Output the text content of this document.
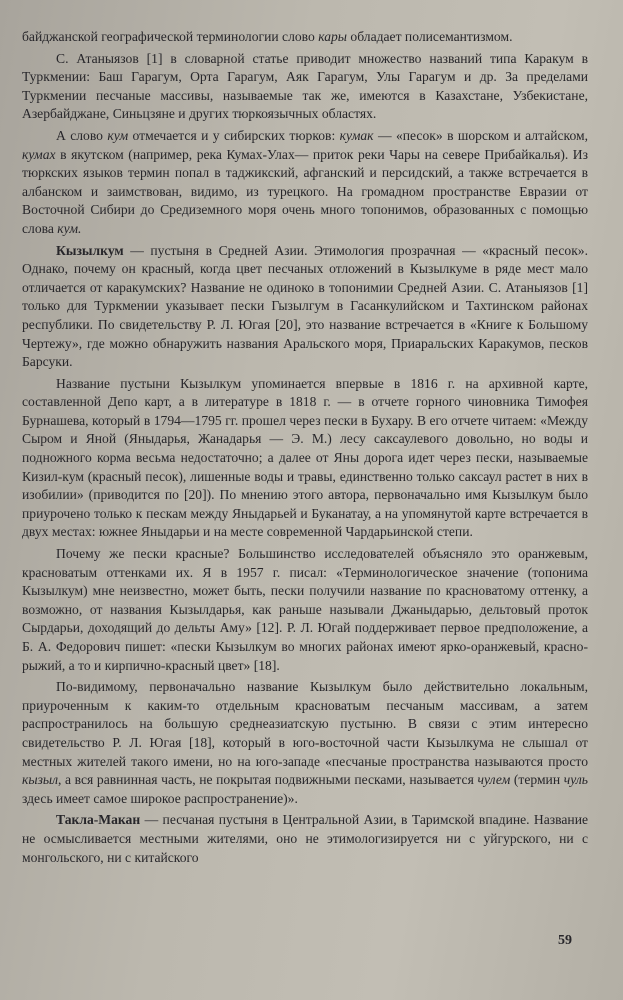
байджанской географической терминологии слово кары обладает полисемантизмом.

С. Атаныязов [1] в словарной статье приводит множество названий типа Каракум в Туркмении: Баш Гарагум, Орта Гарагум, Аяк Гарагум, Улы Гарагум и др. За пределами Туркмении песчаные массивы, называемые так же, имеются в Казахстане, Узбекистане, Азербайджане, Синьцзяне и других тюркоязычных областях.

А слово кум отмечается и у сибирских тюрков: кумак — «песок» в шорском и алтайском, кумах в якутском (например, река Кумах-Улах— приток реки Чары на севере Прибайкалья). Из тюркских языков термин попал в таджикский, афганский и персидский, а также встречается в албанском и заимствован, видимо, из турецкого. На громадном пространстве Евразии от Восточной Сибири до Средиземного моря очень много топонимов, образованных с помощью слова кум.

Кызылкум — пустыня в Средней Азии. Этимология прозрачная — «красный песок». Однако, почему он красный, когда цвет песчаных отложений в Кызылкуме в ряде мест мало отличается от каракумских? Название не одиноко в топонимии Средней Азии. С. Атаныязов [1] только для Туркмении указывает пески Гызылгум в Гасанкулийском и Тахтинском районах республики. По свидетельству Р. Л. Югая [20], это название встречается в «Книге к Большому Чертежу», где можно обнаружить названия Аральского моря, Приаральских Каракумов, песков Барсуки.

Название пустыни Кызылкум упоминается впервые в 1816 г. на архивной карте, составленной Депо карт, а в литературе в 1818 г. — в отчете горного чиновника Тимофея Бурнашева, который в 1794—1795 гг. прошел через пески в Бухару. В его отчете читаем: «Между Сыром и Яной (Яныдарья, Жанадарья — Э. М.) лесу саксаулевого довольно, но воды и подножного корма весьма недостаточно; а далее от Яны дорога идет через пески, называемые Кизил-кум (красный песок), лишенные воды и травы, единственно только саксаул растет в них в изобилии» (приводится по [20]). По мнению этого автора, первоначально имя Кызылкум было приурочено только к пескам между Яныдарьей и Буканатау, а на упомянутой карте встречается в двух местах: южнее Яныдарьи и на месте современной Чардарьинской степи.

Почему же пески красные? Большинство исследователей объясняло это оранжевым, красноватым оттенками их. Я в 1957 г. писал: «Терминологическое значение (топонима Кызылкум) мне неизвестно, может быть, пески получили название по красноватому оттенку, а возможно, от названия Кызылдарья, как раньше называли Джаныдарью, дельтовый проток Сырдарьи, доходящий до дельты Аму» [12]. Р. Л. Югай поддерживает первое предположение, а Б. А. Федорович пишет: «пески Кызылкум во многих районах имеют ярко-оранжевый, красно-рыжий, а то и кирпично-красный цвет» [18].

По-видимому, первоначально название Кызылкум было действительно локальным, приуроченным к каким-то отдельным красноватым песчаным массивам, а затем распространилось на большую среднеазиатскую пустыню. В связи с этим интересно свидетельство Р. Л. Югая [18], который в юго-восточной части Кызылкума не слышал от местных жителей такого имени, но на юго-западе «песчаные пространства называются просто кызыл, а вся равнинная часть, не покрытая подвижными песками, называется чулем (термин чуль здесь имеет самое широкое распространение)».

Такла-Макан — песчаная пустыня в Центральной Азии, в Таримской впадине. Название не осмысливается местными жителями, оно не этимологизируется ни с уйгурского, ни с монгольского, ни с китайского

59
